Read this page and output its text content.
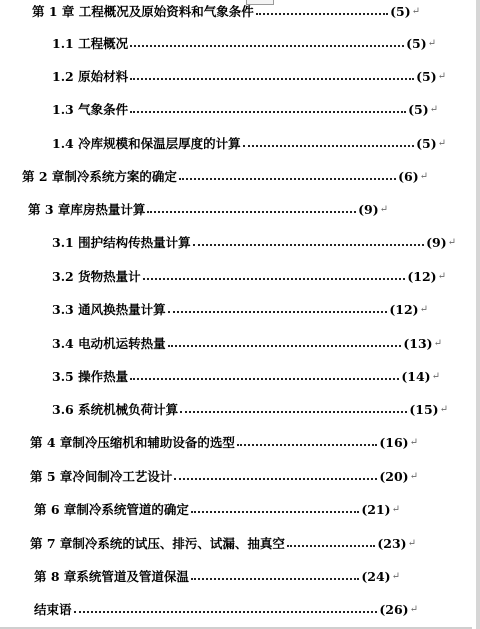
第 1 章 工程概况及原始资料和气象条件	(5) ↵
1.1 工程概况	(5) ↵
1.2 原始材料	(5) ↵
1.3 气象条件	(5) ↵
1.4 冷库规模和保温层厚度的计算	(5) ↵
第 2 章制冷系统方案的确定	(6) ↵
第 3 章库房热量计算	(9) ↵
3.1 围护结构传热量计算	(9) ↵
3.2 货物热量计	(12) ↵
3.3 通风换热量计算	(12) ↵
3.4 电动机运转热量	(13) ↵
3.5 操作热量	(14) ↵
3.6 系统机械负荷计算	(15) ↵
第 4 章制冷压缩机和辅助设备的选型	(16) ↵
第 5 章冷间制冷工艺设计	(20) ↵
第 6 章制冷系统管道的确定	(21) ↵
第 7 章制冷系统的试压、排污、试漏、抽真空	(23) ↵
第 8 章系统管道及管道保温	(24) ↵
结束语	(26) ↵
